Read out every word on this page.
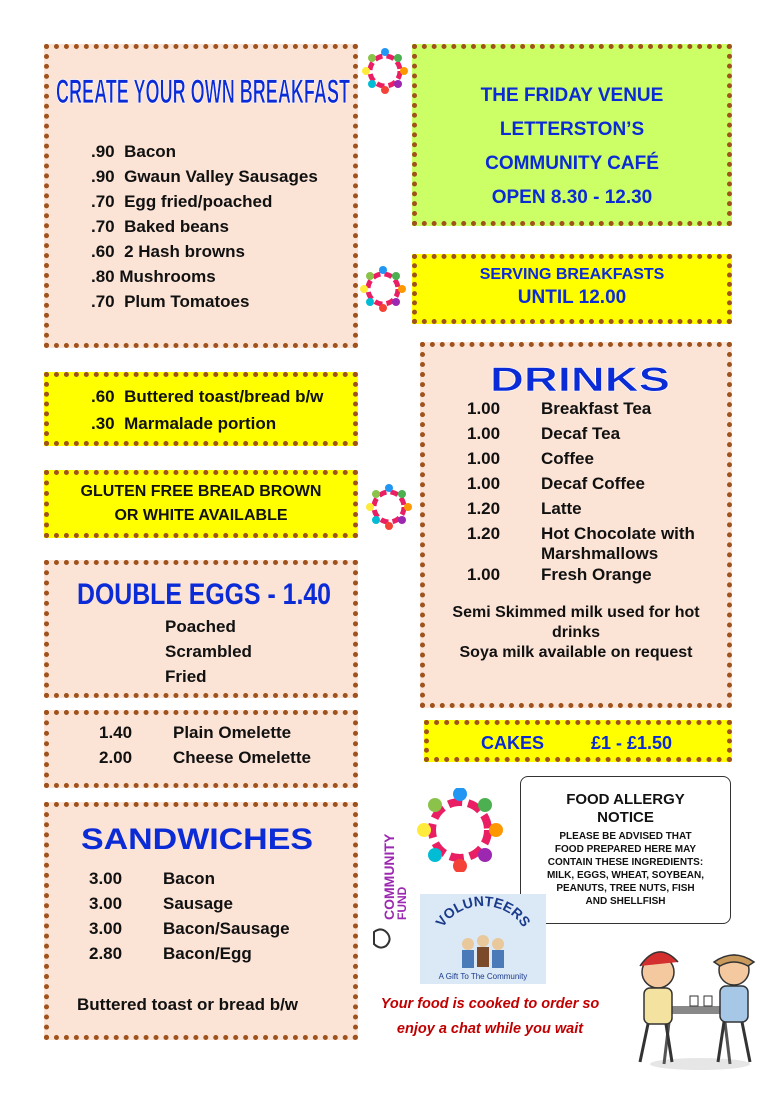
CREATE YOUR OWN BREAKFAST
.90 Bacon
.90 Gwaun Valley Sausages
.70 Egg fried/poached
.70 Baked beans
.60 2 Hash browns
.80 Mushrooms
.70 Plum Tomatoes
THE FRIDAY VENUE
LETTERSTON’S
COMMUNITY CAFÉ
OPEN 8.30 - 12.30
SERVING BREAKFASTS
UNTIL 12.00
.60 Buttered toast/bread b/w
.30 Marmalade portion
GLUTEN FREE BREAD BROWN
OR WHITE AVAILABLE
DOUBLE EGGS - 1.40
Poached
Scrambled
Fried
1.40 Plain Omelette
2.00 Cheese Omelette
SANDWICHES
3.00 Bacon
3.00 Sausage
3.00 Bacon/Sausage
2.80 Bacon/Egg
Buttered toast or bread b/w
DRINKS
1.00 Breakfast Tea
1.00 Decaf Tea
1.00 Coffee
1.00 Decaf Coffee
1.20 Latte
1.20 Hot Chocolate with
Marshmallows
1.00 Fresh Orange
Semi Skimmed milk used for hot
drinks
Soya milk available on request
CAKES	£1 - £1.50
FOOD ALLERGY
NOTICE
PLEASE BE ADVISED THAT
FOOD PREPARED HERE MAY
CONTAIN THESE INGREDIENTS:
MILK, EGGS, WHEAT, SOYBEAN,
PEANUTS, TREE NUTS, FISH
AND SHELLFISH
COMMUNITY
FUND
VOLUNTEERS
A Gift To The Community
Your food is cooked to order so
enjoy a chat while you wait
